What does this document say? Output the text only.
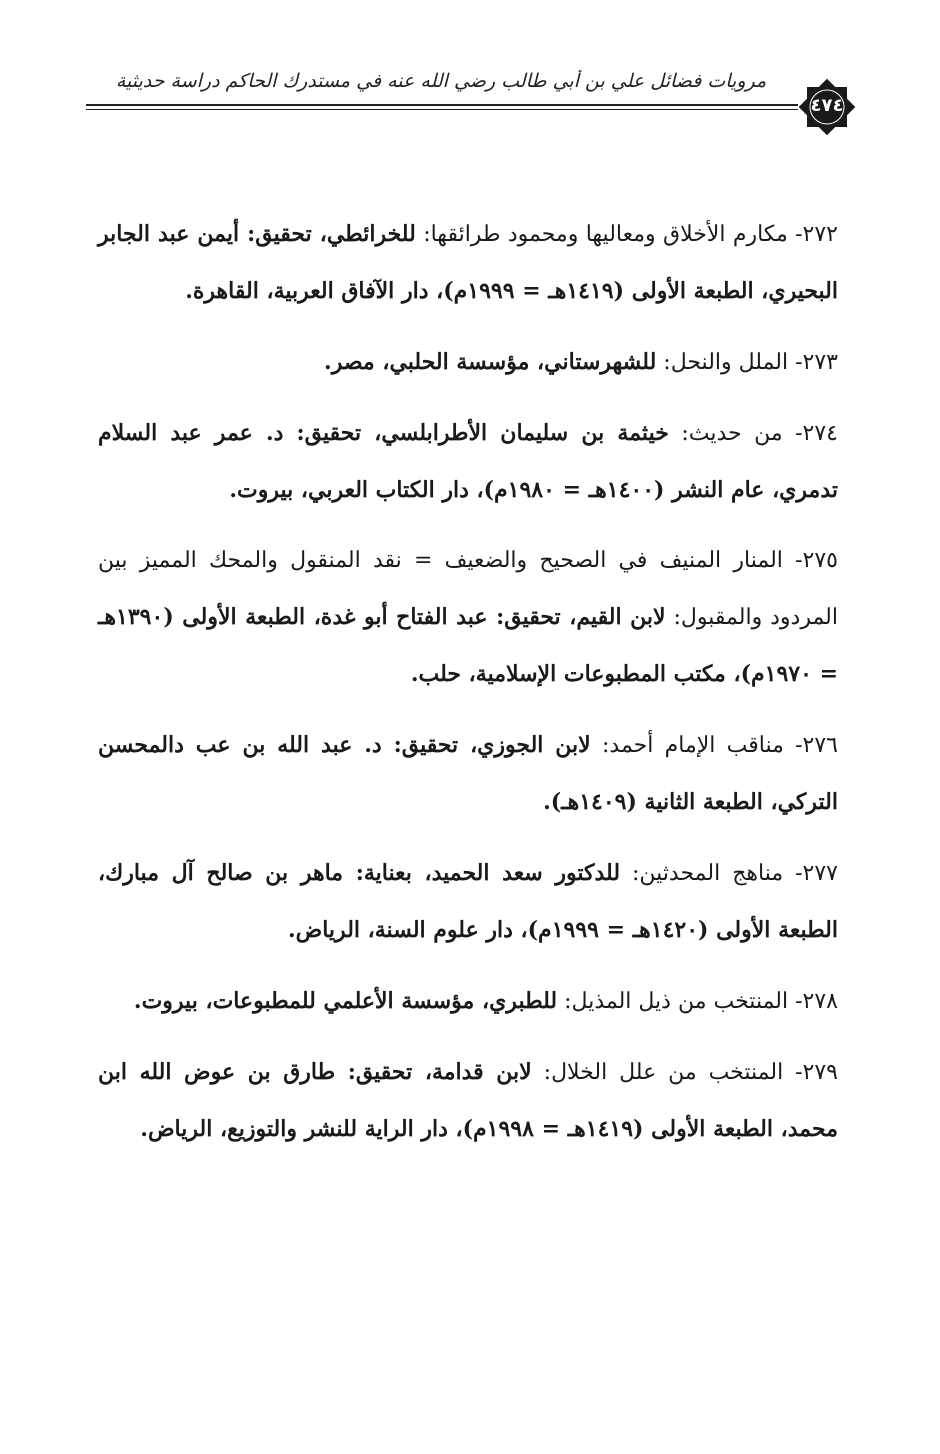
مرويات فضائل علي بن أبي طالب رضي الله عنه في مستدرك الحاكم دراسة حديثية
٤٧٤

٢٧٢- مكارم الأخلاق ومعاليها ومحمود طرائقها: للخرائطي، تحقيق: أيمن عبد الجابر البحيري، الطبعة الأولى (١٤١٩هـ = ١٩٩٩م)، دار الآفاق العربية، القاهرة.

٢٧٣- الملل والنحل: للشهرستاني، مؤسسة الحلبي، مصر.

٢٧٤- من حديث: خيثمة بن سليمان الأطرابلسي، تحقيق: د. عمر عبد السلام تدمري، عام النشر (١٤٠٠هـ = ١٩٨٠م)، دار الكتاب العربي، بيروت.

٢٧٥- المنار المنيف في الصحيح والضعيف = نقد المنقول والمحك المميز بين المردود والمقبول: لابن القيم، تحقيق: عبد الفتاح أبو غدة، الطبعة الأولى (١٣٩٠هـ = ١٩٧٠م)، مكتب المطبوعات الإسلامية، حلب.

٢٧٦- مناقب الإمام أحمد: لابن الجوزي، تحقيق: د. عبد الله بن عب دالمحسن التركي، الطبعة الثانية (١٤٠٩هـ).

٢٧٧- مناهج المحدثين: للدكتور سعد الحميد، بعناية: ماهر بن صالح آل مبارك، الطبعة الأولى (١٤٢٠هـ = ١٩٩٩م)، دار علوم السنة، الرياض.

٢٧٨- المنتخب من ذيل المذيل: للطبري، مؤسسة الأعلمي للمطبوعات، بيروت.

٢٧٩- المنتخب من علل الخلال: لابن قدامة، تحقيق: طارق بن عوض الله ابن محمد، الطبعة الأولى (١٤١٩هـ = ١٩٩٨م)، دار الراية للنشر والتوزيع، الرياض.
